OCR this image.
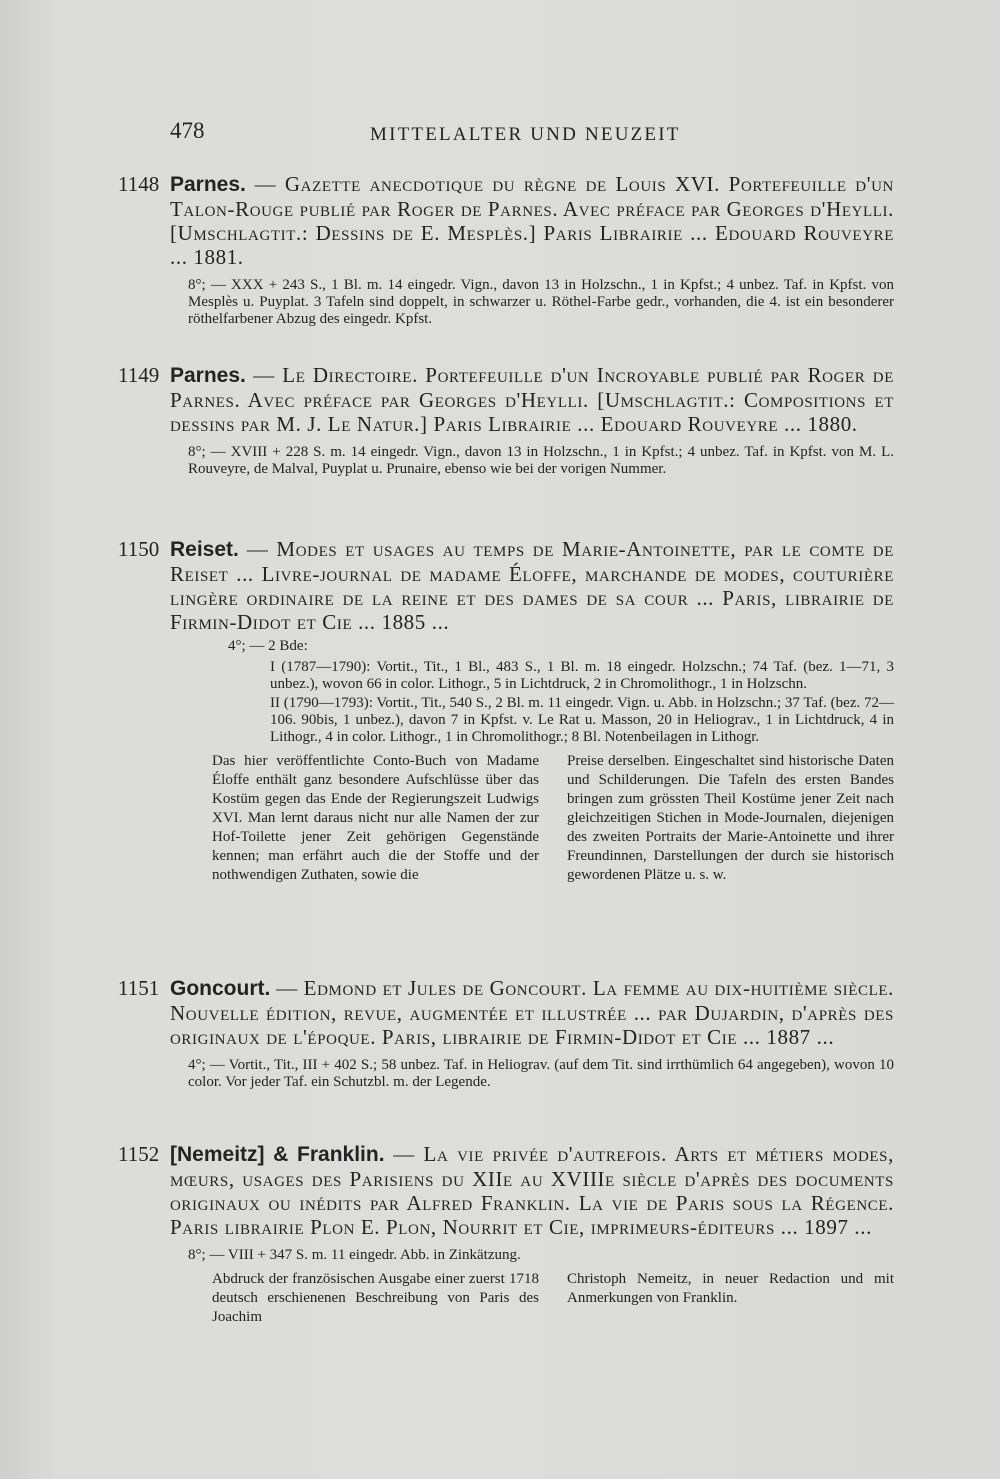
478	MITTELALTER UND NEUZEIT
1148 Parnes. — Gazette anecdotique du règne de Louis XVI. Portefeuille d'un Talon-Rouge publié par Roger de Parnes. Avec préface par Georges d'Heylli. [Umschlagtit.: Dessins de E. Mesplès.] Paris Librairie ... Edouard Rouveyre ... 1881.
8°; — XXX + 243 S., 1 Bl. m. 14 eingedr. Vign., davon 13 in Holzschn., 1 in Kpfst.; 4 unbez. Taf. in Kpfst. von Mesplès u. Puyplat. 3 Tafeln sind doppelt, in schwarzer u. Röthel-Farbe gedr., vorhanden, die 4. ist ein besonderer röthelfarbener Abzug des eingedr. Kpfst.
1149 Parnes. — Le Directoire. Portefeuille d'un Incroyable publié par Roger de Parnes. Avec préface par Georges d'Heylli. [Umschlagtit.: Compositions et dessins par M. J. Le Natur.] Paris Librairie ... Edouard Rouveyre ... 1880.
8°; — XVIII + 228 S. m. 14 eingedr. Vign., davon 13 in Holzschn., 1 in Kpfst.; 4 unbez. Taf. in Kpfst. von M. L. Rouveyre, de Malval, Puyplat u. Prunaire, ebenso wie bei der vorigen Nummer.
1150 Reiset. — Modes et usages au temps de Marie-Antoinette, par le comte de Reiset ... Livre-journal de madame Éloffe, marchande de modes, couturière lingère ordinaire de la reine et des dames de sa cour ... Paris, librairie de Firmin-Didot et Cie ... 1885 ...
4°; — 2 Bde:
I (1787—1790): Vortit., Tit., 1 Bl., 483 S., 1 Bl. m. 18 eingedr. Holzschn.; 74 Taf. (bez. 1—71, 3 unbez.), wovon 66 in color. Lithogr., 5 in Lichtdruck, 2 in Chromolithogr., 1 in Holzschn.
II (1790—1793): Vortit., Tit., 540 S., 2 Bl. m. 11 eingedr. Vign. u. Abb. in Holzschn.; 37 Taf. (bez. 72—106. 90bis, 1 unbez.), davon 7 in Kpfst. v. Le Rat u. Masson, 20 in Heliograv., 1 in Lichtdruck, 4 in Lithogr., 4 in color. Lithogr., 1 in Chromolithogr.; 8 Bl. Notenbeilagen in Lithogr.
Das hier veröffentlichte Conto-Buch von Madame Éloffe enthält ganz besondere Aufschlüsse über das Kostüm gegen das Ende der Regierungszeit Ludwigs XVI. Man lernt daraus nicht nur alle Namen der zur Hof-Toilette jener Zeit gehörigen Gegenstände kennen; man erfährt auch die der Stoffe und der nothwendigen Zuthaten, sowie die
Preise derselben. Eingeschaltet sind historische Daten und Schilderungen. Die Tafeln des ersten Bandes bringen zum grössten Theil Kostüme jener Zeit nach gleichzeitigen Stichen in Mode-Journalen, diejenigen des zweiten Portraits der Marie-Antoinette und ihrer Freundinnen, Darstellungen der durch sie historisch gewordenen Plätze u. s. w.
1151 Goncourt. — Edmond et Jules de Goncourt. La femme au dix-huitième siècle. Nouvelle édition, revue, augmentée et illustrée ... par Dujardin, d'après des originaux de l'époque. Paris, librairie de Firmin-Didot et Cie ... 1887 ...
4°; — Vortit., Tit., III + 402 S.; 58 unbez. Taf. in Heliograv. (auf dem Tit. sind irrthümlich 64 angegeben), wovon 10 color. Vor jeder Taf. ein Schutzbl. m. der Legende.
1152 [Nemeitz] & Franklin. — La vie privée d'autrefois. Arts et métiers modes, mœurs, usages des Parisiens du XIIe au XVIIIe siècle d'après des documents originaux ou inédits par Alfred Franklin. La vie de Paris sous la Régence. Paris librairie Plon E. Plon, Nourrit et Cie, imprimeurs-éditeurs ... 1897 ...
8°; — VIII + 347 S. m. 11 eingedr. Abb. in Zinkätzung.
Abdruck der französischen Ausgabe einer zuerst 1718 deutsch erschienenen Beschreibung von Paris des Joachim
Christoph Nemeitz, in neuer Redaction und mit Anmerkungen von Franklin.
